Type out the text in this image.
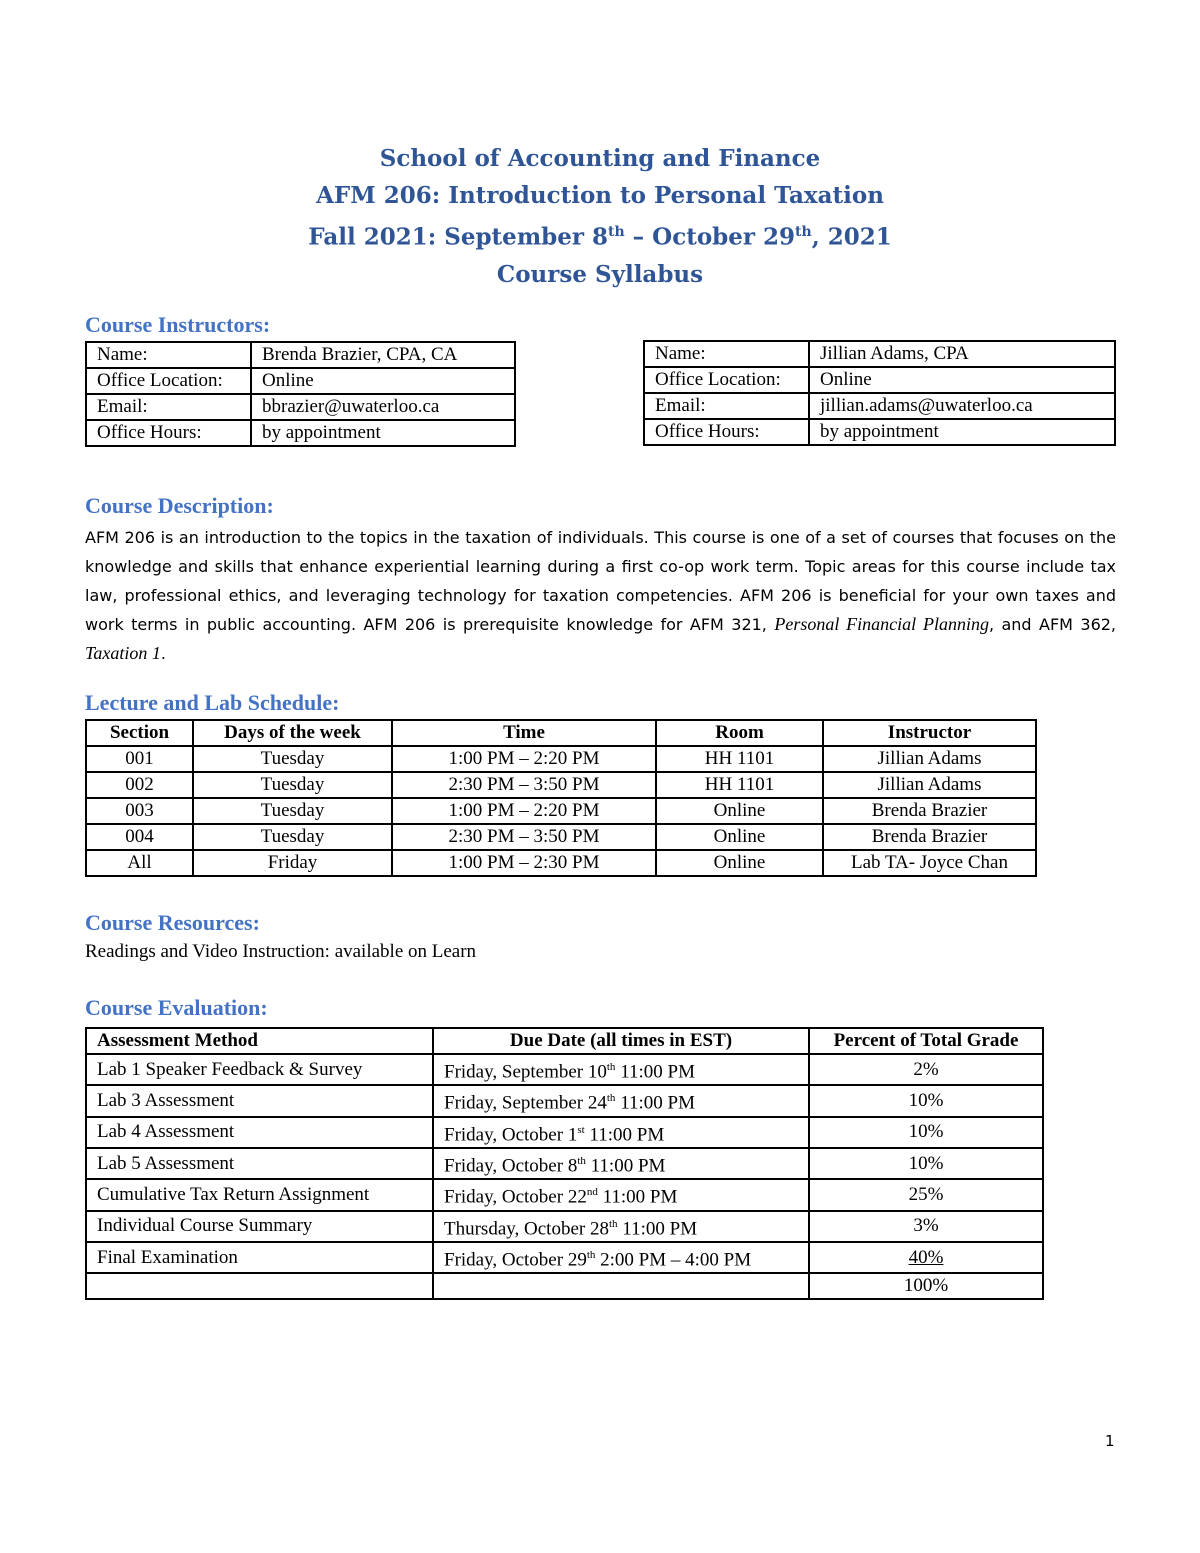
School of Accounting and Finance
AFM 206: Introduction to Personal Taxation
Fall 2021: September 8th – October 29th, 2021
Course Syllabus
Course Instructors:
Name:	Brenda Brazier, CPA, CA
Office Location:	Online
Email:	bbrazier@uwaterloo.ca
Office Hours:	by appointment
Name:	Jillian Adams, CPA
Office Location:	Online
Email:	jillian.adams@uwaterloo.ca
Office Hours:	by appointment
Course Description:
AFM 206 is an introduction to the topics in the taxation of individuals. This course is one of a set of courses that focuses on the knowledge and skills that enhance experiential learning during a first co-op work term. Topic areas for this course include tax law, professional ethics, and leveraging technology for taxation competencies. AFM 206 is beneficial for your own taxes and work terms in public accounting. AFM 206 is prerequisite knowledge for AFM 321, Personal Financial Planning, and AFM 362, Taxation 1.
Lecture and Lab Schedule:
Section	Days of the week	Time	Room	Instructor
001	Tuesday	1:00 PM – 2:20 PM	HH 1101	Jillian Adams
002	Tuesday	2:30 PM – 3:50 PM	HH 1101	Jillian Adams
003	Tuesday	1:00 PM – 2:20 PM	Online	Brenda Brazier
004	Tuesday	2:30 PM – 3:50 PM	Online	Brenda Brazier
All	Friday	1:00 PM – 2:30 PM	Online	Lab TA- Joyce Chan
Course Resources:
Readings and Video Instruction: available on Learn
Course Evaluation:
Assessment Method	Due Date (all times in EST)	Percent of Total Grade
Lab 1 Speaker Feedback & Survey	Friday, September 10th 11:00 PM	2%
Lab 3 Assessment	Friday, September 24th 11:00 PM	10%
Lab 4 Assessment	Friday, October 1st 11:00 PM	10%
Lab 5 Assessment	Friday, October 8th 11:00 PM	10%
Cumulative Tax Return Assignment	Friday, October 22nd 11:00 PM	25%
Individual Course Summary	Thursday, October 28th 11:00 PM	3%
Final Examination	Friday, October 29th 2:00 PM – 4:00 PM	40%
		100%
1
